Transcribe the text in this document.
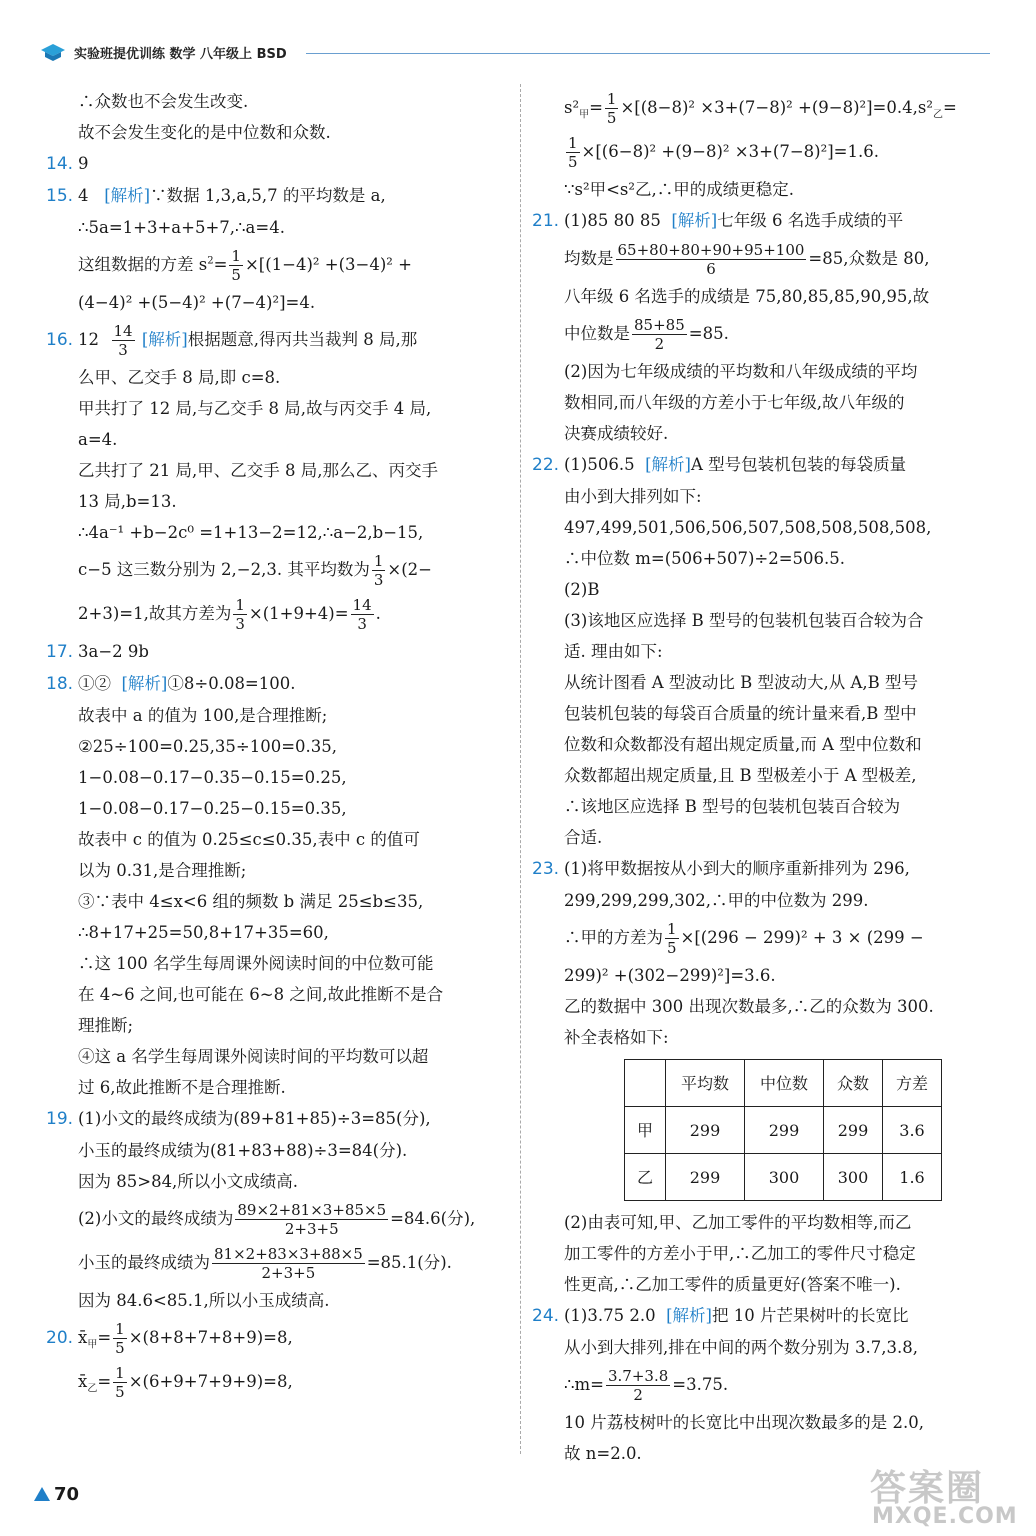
实验班提优训练 数学 八年级上 BSD
∴众数也不会发生改变.
故不会发生变化的是中位数和众数.
14. 9
15. 4 [解析]∵数据 1,3,a,5,7 的平均数是 a,
∴5a=1+3+a+5+7,∴a=4.
这组数据的方差 $s^2= \frac{1}{5} \times[(1-4)^2 +(3-4)^2$ +
(4−4)² +(5−4)² +(7−4)²]=4.
16. $12 \frac{14}{3}$ [解析]根据题意,得丙共当裁判 8 局,那
么甲、乙交手 8 局,即 c=8.
甲共打了 12 局,与乙交手 8 局,故与丙交手 4 局,
a=4.
乙共打了 21 局,甲、乙交手 8 局,那么乙、丙交手
13 局,b=13.
∴4a⁻¹ +b−2c⁰ =1+13−2=12,∴a−2,b−15,
c−5 这三数分别为 2,−2,3. 其平均数为 $\frac{1}{3} \times(2-$
2+3)=1,故其方差为 $\frac{1}{3} \times(1+9+4)= \frac{14}{3}$ .
17. 3a−2 9b
18. ①② [解析]①8÷0.08=100.
故表中 a 的值为 100,是合理推断;
②25÷100=0.25,35÷100=0.35,
1−0.08−0.17−0.35−0.15=0.25,
1−0.08−0.17−0.25−0.15=0.35,
故表中 c 的值为 0.25≤c≤0.35,表中 c 的值可
以为 0.31,是合理推断;
③∵表中 4≤x<6 组的频数 b 满足 25≤b≤35,
∴8+17+25=50,8+17+35=60,
∴这 100 名学生每周课外阅读时间的中位数可能
在 4~6 之间,也可能在 6~8 之间,故此推断不是合
理推断;
④这 a 名学生每周课外阅读时间的平均数可以超
过 6,故此推断不是合理推断.
19. (1)小文的最终成绩为(89+81+85)÷3=85(分),
小玉的最终成绩为(81+83+88)÷3=84(分).
因为 85>84,所以小文成绩高.
(2)小文的最终成绩为 $\frac{89\times 2+81\times 3+85\times 5}{2+3+5} =84.6$(分),
小玉的最终成绩为 $\frac{81\times 2+83\times 3+88\times 5}{2+3+5} =85.1$(分).
因为 84.6<85.1,所以小玉成绩高.
20. $x̄_甲= \frac{1}{5} \times(8+8+7+8+9)=8$,
$x̄_乙= \frac{1}{5} \times(6+9+7+9+9)=8$,
$s^2_甲= \frac{1}{5} \times[(8-8)^2 \times 3+(7-8)^2 +(9-8)^2]=0.4,s^2_乙=$
$\frac{1}{5} \times[(6-8)^2 +(9-8)^2 \times 3+(7-8)^2]=1.6$.
∵s²甲<s²乙,∴甲的成绩更稳定.
21. (1)85 80 85 [解析]七年级 6 名选手成绩的平
均数是 $\frac{65+80+80+90+95+100}{6} =85$,众数是 80,
八年级 6 名选手的成绩是 75,80,85,85,90,95,故
中位数是 $\frac{85+85}{2} =85$.
(2)因为七年级成绩的平均数和八年级成绩的平均
数相同,而八年级的方差小于七年级,故八年级的
决赛成绩较好.
22. (1)506.5 [解析]A 型号包装机包装的每袋质量
由小到大排列如下:
497,499,501,506,506,507,508,508,508,508,
∴中位数 m=(506+507)÷2=506.5.
(2)B
(3)该地区应选择 B 型号的包装机包装百合较为合
适. 理由如下:
从统计图看 A 型波动比 B 型波动大,从 A,B 型号
包装机包装的每袋百合质量的统计量来看,B 型中
位数和众数都没有超出规定质量,而 A 型中位数和
众数都超出规定质量,且 B 型极差小于 A 型极差,
∴该地区应选择 B 型号的包装机包装百合较为
合适.
23. (1)将甲数据按从小到大的顺序重新排列为 296,
299,299,299,302,∴甲的中位数为 299.
∴甲的方差为 $\frac{1}{5} \times[(296 - 299)^2 + 3 \times (299$ −
299)² +(302−299)²]=3.6.
乙的数据中 300 出现次数最多,∴乙的众数为 300.
补全表格如下:
	平均数	中位数	众数	方差
甲	299	299	299	3.6
乙	299	300	300	1.6
(2)由表可知,甲、乙加工零件的平均数相等,而乙
加工零件的方差小于甲,∴乙加工的零件尺寸稳定
性更高,∴乙加工零件的质量更好(答案不唯一).
24. (1)3.75 2.0 [解析]把 10 片芒果树叶的长宽比
从小到大排列,排在中间的两个数分别为 3.7,3.8,
∴m= $\frac{3.7+3.8}{2} =3.75$.
10 片荔枝树叶的长宽比中出现次数最多的是 2.0,
故 n=2.0.
70	答案圈
MXQE.COM
